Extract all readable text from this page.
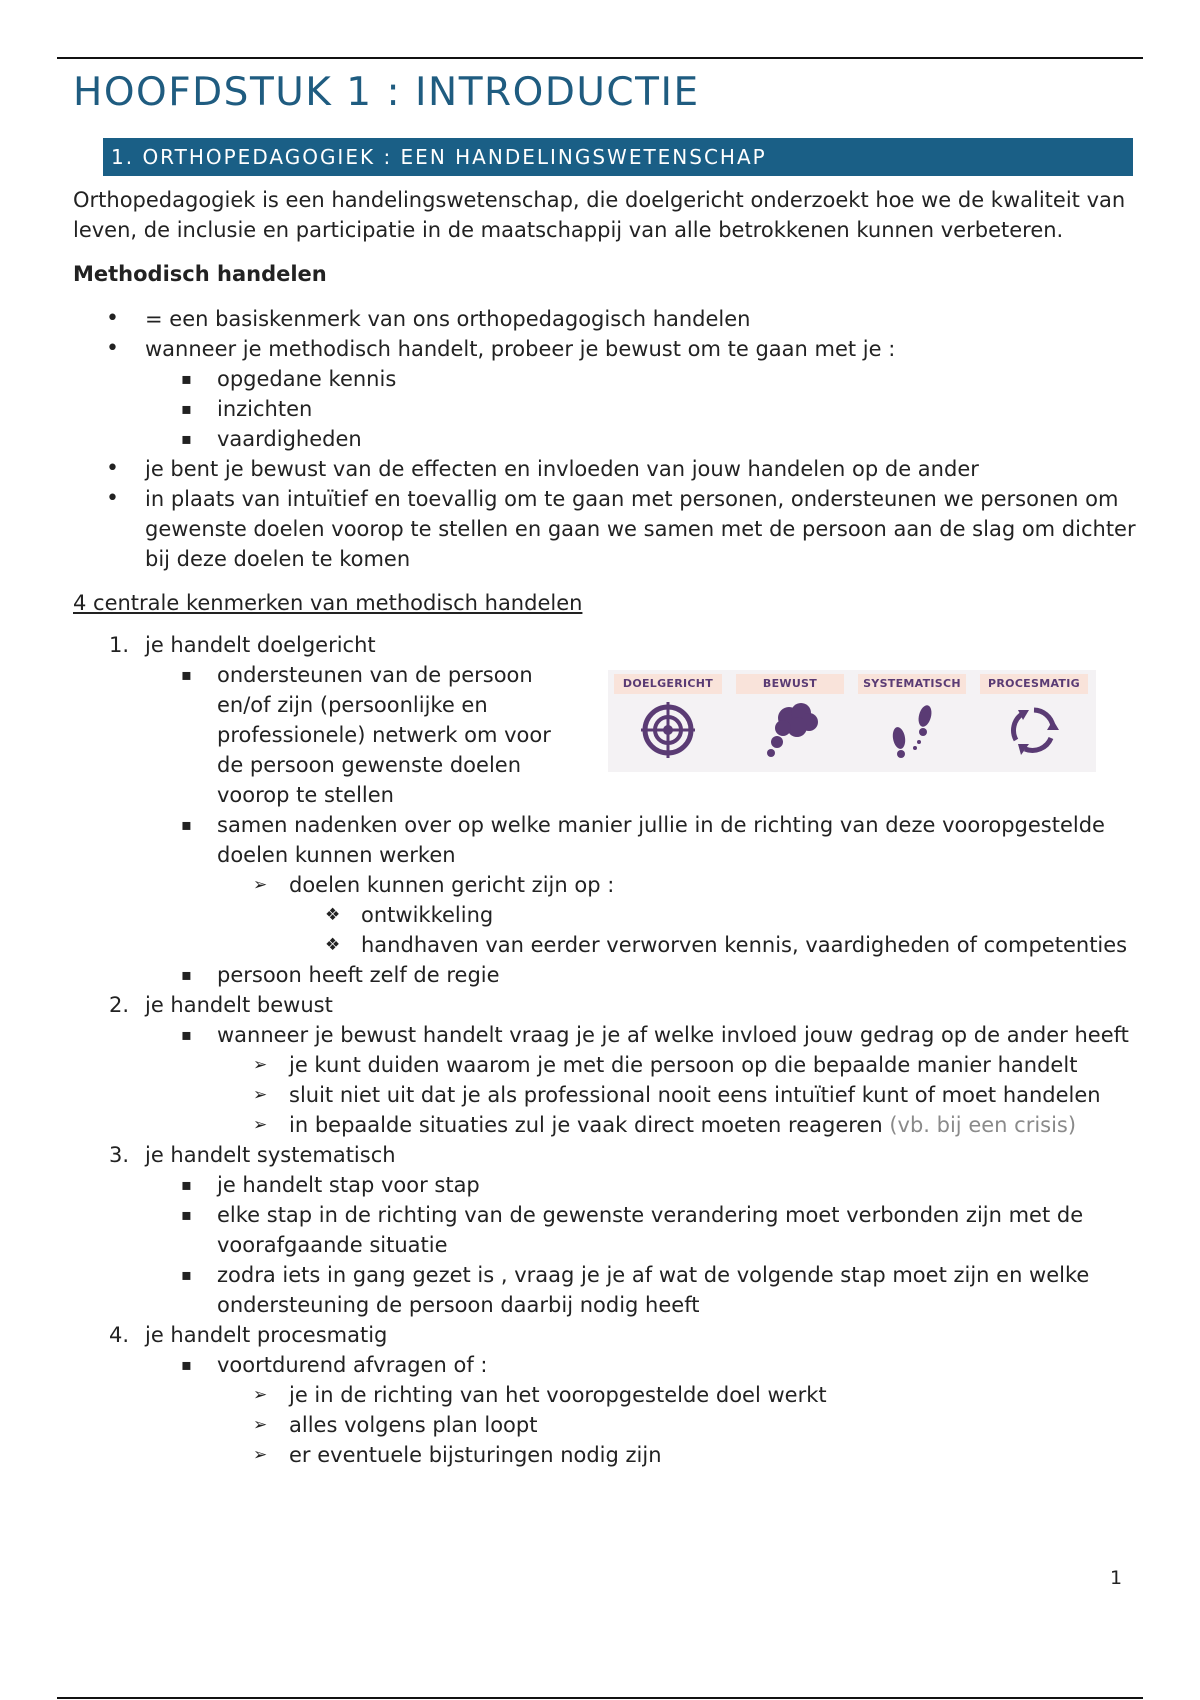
HOOFDSTUK 1 : INTRODUCTIE
1. ORTHOPEDAGOGIEK : EEN HANDELINGSWETENSCHAP

Orthopedagogiek is een handelingswetenschap, die doelgericht onderzoekt hoe we de kwaliteit van leven, de inclusie en participatie in de maatschappij van alle betrokkenen kunnen verbeteren.

Methodisch handelen

• = een basiskenmerk van ons orthopedagogisch handelen
• wanneer je methodisch handelt, probeer je bewust om te gaan met je :
▪ opgedane kennis
▪ inzichten
▪ vaardigheden
• je bent je bewust van de effecten en invloeden van jouw handelen op de ander
• in plaats van intuïtief en toevallig om te gaan met personen, ondersteunen we personen om gewenste doelen voorop te stellen en gaan we samen met de persoon aan de slag om dichter bij deze doelen te komen

4 centrale kenmerken van methodisch handelen

1. je handelt doelgericht
▪ ondersteunen van de persoon en/of zijn (persoonlijke en professionele) netwerk om voor de persoon gewenste doelen voorop te stellen
▪ samen nadenken over op welke manier jullie in de richting van deze vooropgestelde doelen kunnen werken
➢ doelen kunnen gericht zijn op :
❖ ontwikkeling
❖ handhaven van eerder verworven kennis, vaardigheden of competenties
▪ persoon heeft zelf de regie
2. je handelt bewust
▪ wanneer je bewust handelt vraag je je af welke invloed jouw gedrag op de ander heeft
➢ je kunt duiden waarom je met die persoon op die bepaalde manier handelt
➢ sluit niet uit dat je als professional nooit eens intuïtief kunt of moet handelen
➢ in bepaalde situaties zul je vaak direct moeten reageren (vb. bij een crisis)
3. je handelt systematisch
▪ je handelt stap voor stap
▪ elke stap in de richting van de gewenste verandering moet verbonden zijn met de voorafgaande situatie
▪ zodra iets in gang gezet is , vraag je je af wat de volgende stap moet zijn en welke ondersteuning de persoon daarbij nodig heeft
4. je handelt procesmatig
▪ voortdurend afvragen of :
➢ je in de richting van het vooropgestelde doel werkt
➢ alles volgens plan loopt
➢ er eventuele bijsturingen nodig zijn
DOELGERICHT	BEWUST	SYSTEMATISCH	PROCESMATIG
1
